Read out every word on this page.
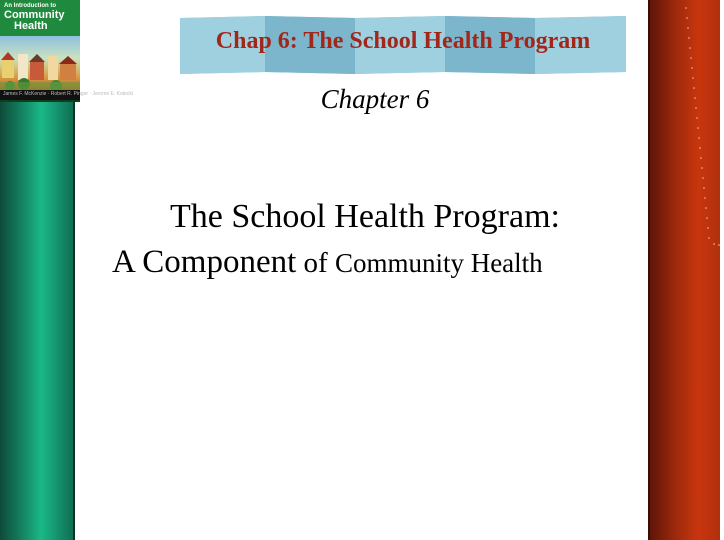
An Introduction to
Community
Health
James F. McKenzie · Robert R. Pinger · Jerome E. Kotecki
Chap 6: The School Health Program
Chapter 6
The School Health Program:
A Component of Community Health
